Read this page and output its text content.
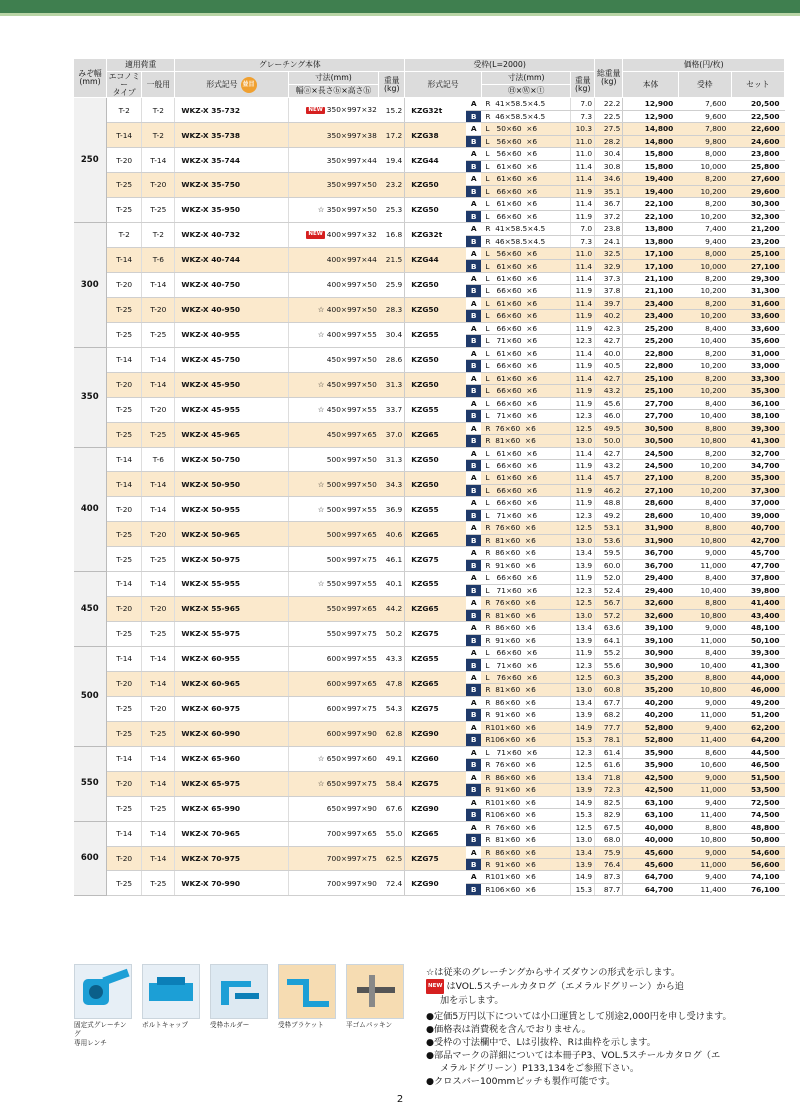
みぞ幅
(mm)	適用荷重		グレーチング本体			受枠(L=2000)				総重量
(kg)	価格(円/枚)		
	エコノミー
タイプ	一般用	形式記号 並目	寸法(mm)	重量
(kg)	形式記号		寸法(mm)	重量
(kg)		本体	受枠	セット
				幅ⓐ×長さⓑ×高さⓗ				Ⓗ×Ⓦ×ⓣ					
250	T-2	T-2	WKZ-X 35-732	NEW 350×997×32	15.2	KZG32t	A	R  41×58.5×4.5	7.0	22.2	12,900	7,600	20,500
							B	R  46×58.5×4.5	7.3	22.5	12,900	9,600	22,500
	T-14	T-2	WKZ-X 35-738	350×997×38	17.2	KZG38	A	L   50×60  ×6	10.3	27.5	14,800	7,800	22,600
							B	L   56×60  ×6	11.0	28.2	14,800	9,800	24,600
	T-20	T-14	WKZ-X 35-744	350×997×44	19.4	KZG44	A	L   56×60  ×6	11.0	30.4	15,800	8,000	23,800
							B	L   61×60  ×6	11.4	30.8	15,800	10,000	25,800
	T-25	T-20	WKZ-X 35-750	350×997×50	23.2	KZG50	A	L   61×60  ×6	11.4	34.6	19,400	8,200	27,600
							B	L   66×60  ×6	11.9	35.1	19,400	10,200	29,600
	T-25	T-25	WKZ-X 35-950	☆ 350×997×50	25.3	KZG50	A	L   61×60  ×6	11.4	36.7	22,100	8,200	30,300
							B	L   66×60  ×6	11.9	37.2	22,100	10,200	32,300
300	T-2	T-2	WKZ-X 40-732	NEW 400×997×32	16.8	KZG32t	A	R  41×58.5×4.5	7.0	23.8	13,800	7,400	21,200
							B	R  46×58.5×4.5	7.3	24.1	13,800	9,400	23,200
	T-14	T-6	WKZ-X 40-744	400×997×44	21.5	KZG44	A	L   56×60  ×6	11.0	32.5	17,100	8,000	25,100
							B	L   61×60  ×6	11.4	32.9	17,100	10,000	27,100
	T-20	T-14	WKZ-X 40-750	400×997×50	25.9	KZG50	A	L   61×60  ×6	11.4	37.3	21,100	8,200	29,300
							B	L   66×60  ×6	11.9	37.8	21,100	10,200	31,300
	T-25	T-20	WKZ-X 40-950	☆ 400×997×50	28.3	KZG50	A	L   61×60  ×6	11.4	39.7	23,400	8,200	31,600
							B	L   66×60  ×6	11.9	40.2	23,400	10,200	33,600
	T-25	T-25	WKZ-X 40-955	☆ 400×997×55	30.4	KZG55	A	L   66×60  ×6	11.9	42.3	25,200	8,400	33,600
							B	L   71×60  ×6	12.3	42.7	25,200	10,400	35,600
350	T-14	T-14	WKZ-X 45-750	450×997×50	28.6	KZG50	A	L   61×60  ×6	11.4	40.0	22,800	8,200	31,000
							B	L   66×60  ×6	11.9	40.5	22,800	10,200	33,000
	T-20	T-14	WKZ-X 45-950	☆ 450×997×50	31.3	KZG50	A	L   61×60  ×6	11.4	42.7	25,100	8,200	33,300
							B	L   66×60  ×6	11.9	43.2	25,100	10,200	35,300
	T-25	T-20	WKZ-X 45-955	☆ 450×997×55	33.7	KZG55	A	L   66×60  ×6	11.9	45.6	27,700	8,400	36,100
							B	L   71×60  ×6	12.3	46.0	27,700	10,400	38,100
	T-25	T-25	WKZ-X 45-965	450×997×65	37.0	KZG65	A	R  76×60  ×6	12.5	49.5	30,500	8,800	39,300
							B	R  81×60  ×6	13.0	50.0	30,500	10,800	41,300
400	T-14	T-6	WKZ-X 50-750	500×997×50	31.3	KZG50	A	L   61×60  ×6	11.4	42.7	24,500	8,200	32,700
							B	L   66×60  ×6	11.9	43.2	24,500	10,200	34,700
	T-14	T-14	WKZ-X 50-950	☆ 500×997×50	34.3	KZG50	A	L   61×60  ×6	11.4	45.7	27,100	8,200	35,300
							B	L   66×60  ×6	11.9	46.2	27,100	10,200	37,300
	T-20	T-14	WKZ-X 50-955	☆ 500×997×55	36.9	KZG55	A	L   66×60  ×6	11.9	48.8	28,600	8,400	37,000
							B	L   71×60  ×6	12.3	49.2	28,600	10,400	39,000
	T-25	T-20	WKZ-X 50-965	500×997×65	40.6	KZG65	A	R  76×60  ×6	12.5	53.1	31,900	8,800	40,700
							B	R  81×60  ×6	13.0	53.6	31,900	10,800	42,700
	T-25	T-25	WKZ-X 50-975	500×997×75	46.1	KZG75	A	R  86×60  ×6	13.4	59.5	36,700	9,000	45,700
							B	R  91×60  ×6	13.9	60.0	36,700	11,000	47,700
450	T-14	T-14	WKZ-X 55-955	☆ 550×997×55	40.1	KZG55	A	L   66×60  ×6	11.9	52.0	29,400	8,400	37,800
							B	L   71×60  ×6	12.3	52.4	29,400	10,400	39,800
	T-20	T-20	WKZ-X 55-965	550×997×65	44.2	KZG65	A	R  76×60  ×6	12.5	56.7	32,600	8,800	41,400
							B	R  81×60  ×6	13.0	57.2	32,600	10,800	43,400
	T-25	T-25	WKZ-X 55-975	550×997×75	50.2	KZG75	A	R  86×60  ×6	13.4	63.6	39,100	9,000	48,100
							B	R  91×60  ×6	13.9	64.1	39,100	11,000	50,100
500	T-14	T-14	WKZ-X 60-955	600×997×55	43.3	KZG55	A	L   66×60  ×6	11.9	55.2	30,900	8,400	39,300
							B	L   71×60  ×6	12.3	55.6	30,900	10,400	41,300
	T-20	T-14	WKZ-X 60-965	600×997×65	47.8	KZG65	A	L   76×60  ×6	12.5	60.3	35,200	8,800	44,000
							B	R  81×60  ×6	13.0	60.8	35,200	10,800	46,000
	T-25	T-20	WKZ-X 60-975	600×997×75	54.3	KZG75	A	R  86×60  ×6	13.4	67.7	40,200	9,000	49,200
							B	R  91×60  ×6	13.9	68.2	40,200	11,000	51,200
	T-25	T-25	WKZ-X 60-990	600×997×90	62.8	KZG90	A	R101×60  ×6	14.9	77.7	52,800	9,400	62,200
							B	R106×60  ×6	15.3	78.1	52,800	11,400	64,200
550	T-14	T-14	WKZ-X 65-960	☆ 650×997×60	49.1	KZG60	A	L   71×60  ×6	12.3	61.4	35,900	8,600	44,500
							B	R  76×60  ×6	12.5	61.6	35,900	10,600	46,500
	T-20	T-14	WKZ-X 65-975	☆ 650×997×75	58.4	KZG75	A	R  86×60  ×6	13.4	71.8	42,500	9,000	51,500
							B	R  91×60  ×6	13.9	72.3	42,500	11,000	53,500
	T-25	T-25	WKZ-X 65-990	650×997×90	67.6	KZG90	A	R101×60  ×6	14.9	82.5	63,100	9,400	72,500
							B	R106×60  ×6	15.3	82.9	63,100	11,400	74,500
600	T-14	T-14	WKZ-X 70-965	700×997×65	55.0	KZG65	A	R  76×60  ×6	12.5	67.5	40,000	8,800	48,800
							B	R  81×60  ×6	13.0	68.0	40,000	10,800	50,800
	T-20	T-14	WKZ-X 70-975	700×997×75	62.5	KZG75	A	R  86×60  ×6	13.4	75.9	45,600	9,000	54,600
							B	R  91×60  ×6	13.9	76.4	45,600	11,000	56,600
	T-25	T-25	WKZ-X 70-990	700×997×90	72.4	KZG90	A	R101×60  ×6	14.9	87.3	64,700	9,400	74,100
							B	R106×60  ×6	15.3	87.7	64,700	11,400	76,100
固定式グレーチング
専用レンチ
ボルトキャップ	受枠ホルダー	受枠ブラケット	平ゴムパッキン
☆は従来のグレーチングからサイズダウンの形式を示します。
NEW はVOL.5スチールカタログ（エメラルドグリーン）から追
加を示します。
●定価5万円以下については小口運賃として別途2,000円を申し受けます。
●価格表は消費税を含んでおりません。
●受枠の寸法欄中で、Lは引抜枠、Rは曲枠を示します。
●部品マークの詳細については本冊子P3、VOL.5スチールカタログ（エ
メラルドグリーン）P133,134をご参照下さい。
●クロスバー100mmピッチも製作可能です。
2
